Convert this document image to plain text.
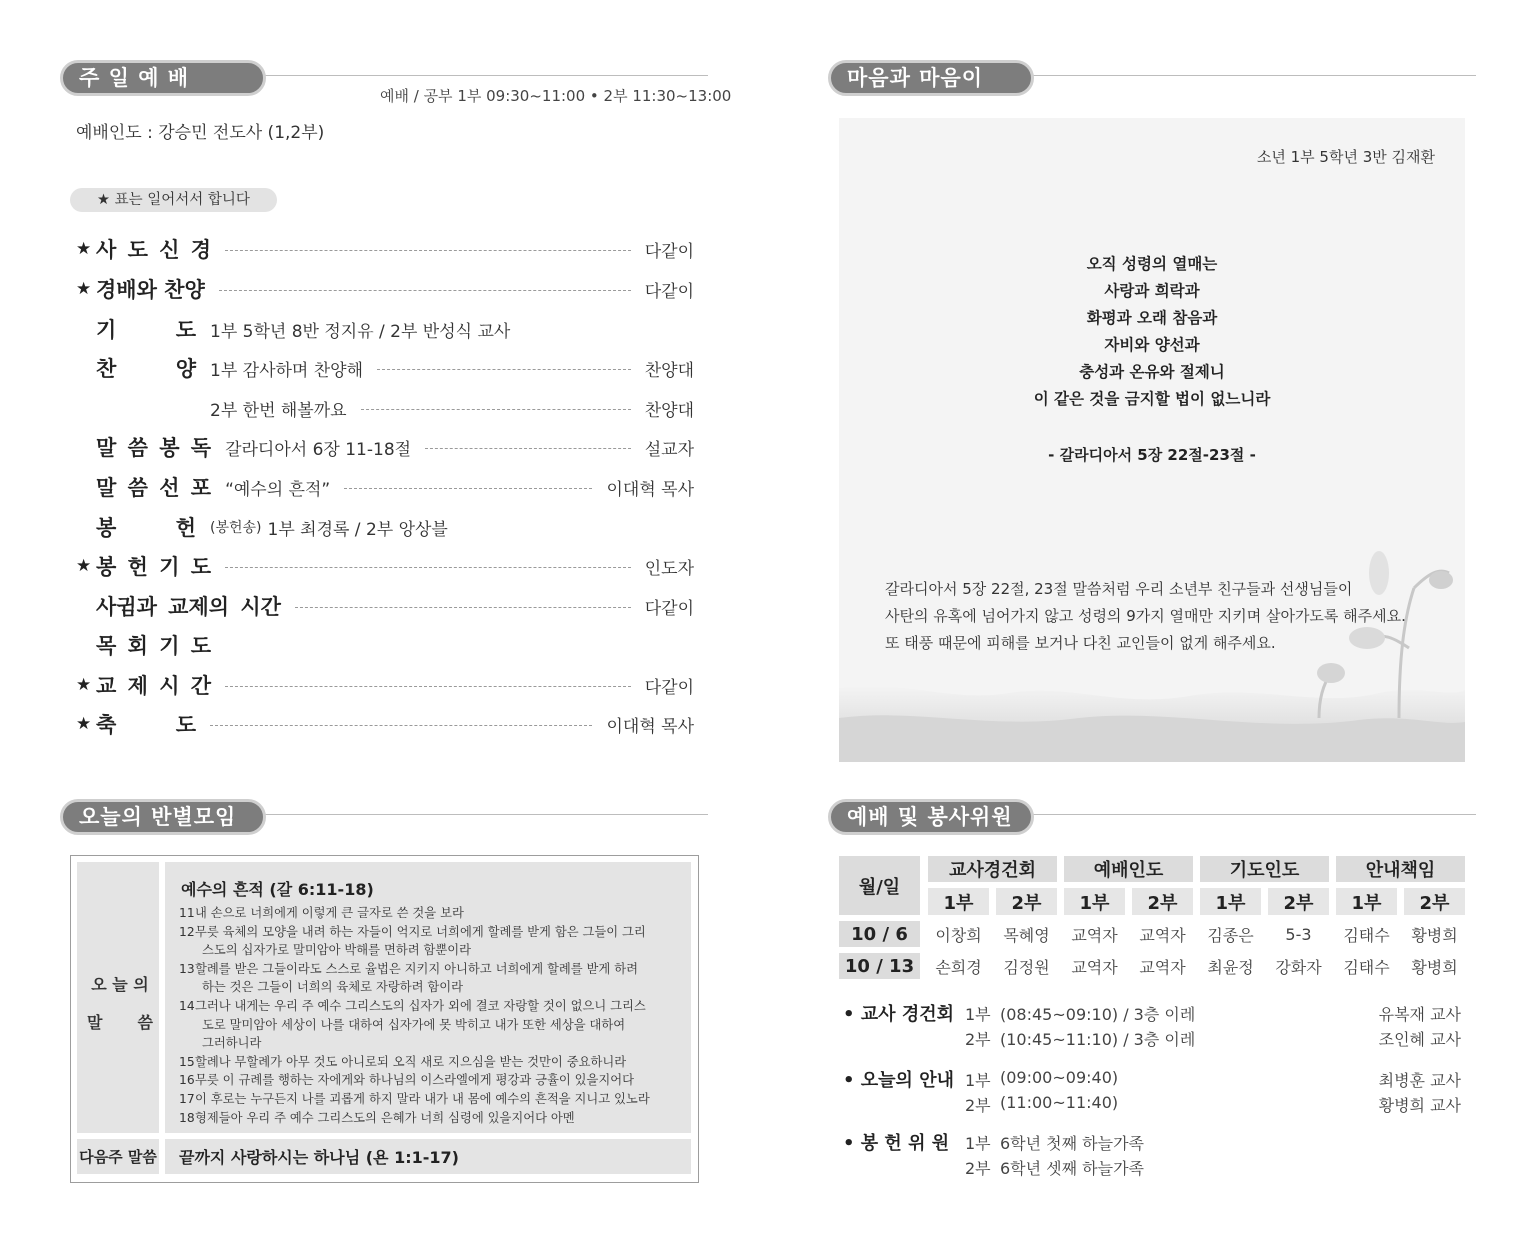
주 일 예 배
예배 / 공부 1부 09:30~11:00 • 2부 11:30~13:00
예배인도 : 강승민 전도사 (1,2부)
★ 표는 일어서서 합니다
★ 사 도 신 경	다같이
★ 경배와 찬양	다같이
기	도 1부 5학년 8반 정지유 / 2부 반성식 교사
찬	양 1부 감사하며 찬양해	찬양대
2부 한번 해볼까요	찬양대
말 씀 봉 독 갈라디아서 6장 11-18절	설교자
말 씀 선 포 “예수의 흔적”	이대혁 목사
봉	헌 (봉헌송) 1부 최경록 / 2부 앙상블
★ 봉 헌 기 도	인도자
사귐과 교제의 시간	다같이
목 회 기 도
★ 교 제 시 간	다같이
★ 축	도	이대혁 목사
오늘의 반별모임
오 늘 의
말 씀
예수의 흔적 (갈 6:11-18)
11내 손으로 너희에게 이렇게 큰 글자로 쓴 것을 보라
12무릇 육체의 모양을 내려 하는 자들이 억지로 너희에게 할례를 받게 함은 그들이 그리
스도의 십자가로 말미암아 박해를 면하려 함뿐이라
13할례를 받은 그들이라도 스스로 율법은 지키지 아니하고 너희에게 할례를 받게 하려
하는 것은 그들이 너희의 육체로 자랑하려 함이라
14그러나 내게는 우리 주 예수 그리스도의 십자가 외에 결코 자랑할 것이 없으니 그리스
도로 말미암아 세상이 나를 대하여 십자가에 못 박히고 내가 또한 세상을 대하여
그러하니라
15할례나 무할례가 아무 것도 아니로되 오직 새로 지으심을 받는 것만이 중요하니라
16무릇 이 규례를 행하는 자에게와 하나님의 이스라엘에게 평강과 긍휼이 있을지어다
17이 후로는 누구든지 나를 괴롭게 하지 말라 내가 내 몸에 예수의 흔적을 지니고 있노라
18형제들아 우리 주 예수 그리스도의 은혜가 너희 심령에 있을지어다 아멘
다음주 말씀 끝까지 사랑하시는 하나님 (욘 1:1-17)
마음과 마음이
소년 1부 5학년 3반 김재환
오직 성령의 열매는
사랑과 희락과
화평과 오래 참음과
자비와 양선과
충성과 온유와 절제니
이 같은 것을 금지할 법이 없느니라
- 갈라디아서 5장 22절-23절 -
갈라디아서 5장 22절, 23절 말씀처럼 우리 소년부 친구들과 선생님들이
사탄의 유혹에 넘어가지 않고 성령의 9가지 열매만 지키며 살아가도록 해주세요.
또 태풍 때문에 피해를 보거나 다친 교인들이 없게 해주세요.
예배 및 봉사위원
월/일
교사경건회	예배인도	기도인도	안내책임
1부	2부	1부	2부	1부	2부	1부	2부
10 / 6	이창희	목혜영	교역자	교역자	김종은	5-3	김태수	황병희
10 / 13	손희경	김정원	교역자	교역자	최윤정	강화자	김태수	황병희
• 교사 경건회 1부 (08:45~09:10) / 3층 이레	유복재 교사
2부 (10:45~11:10) / 3층 이레	조인혜 교사
• 오늘의 안내 1부 (09:00~09:40)	최병훈 교사
2부 (11:00~11:40)	황병희 교사
• 봉 헌 위 원 1부 6학년 첫째 하늘가족
2부 6학년 셋째 하늘가족
